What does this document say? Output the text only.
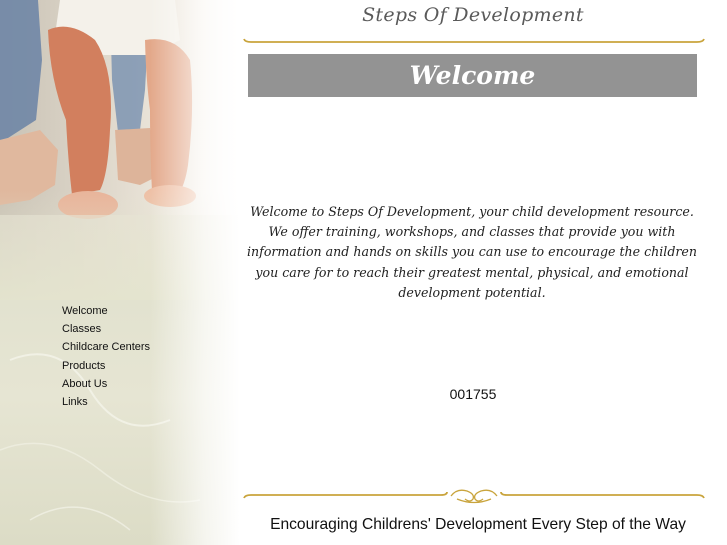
Welcome
Classes
Childcare Centers
Products
About Us
Links
Steps Of Development
Welcome

Welcome to Steps Of Development, your child development resource. We offer training, workshops, and classes that provide you with information and hands on skills you can use to encourage the children you care for to reach their greatest mental, physical, and emotional development potential.

001755
Encouraging Childrens' Development Every Step of the Way
